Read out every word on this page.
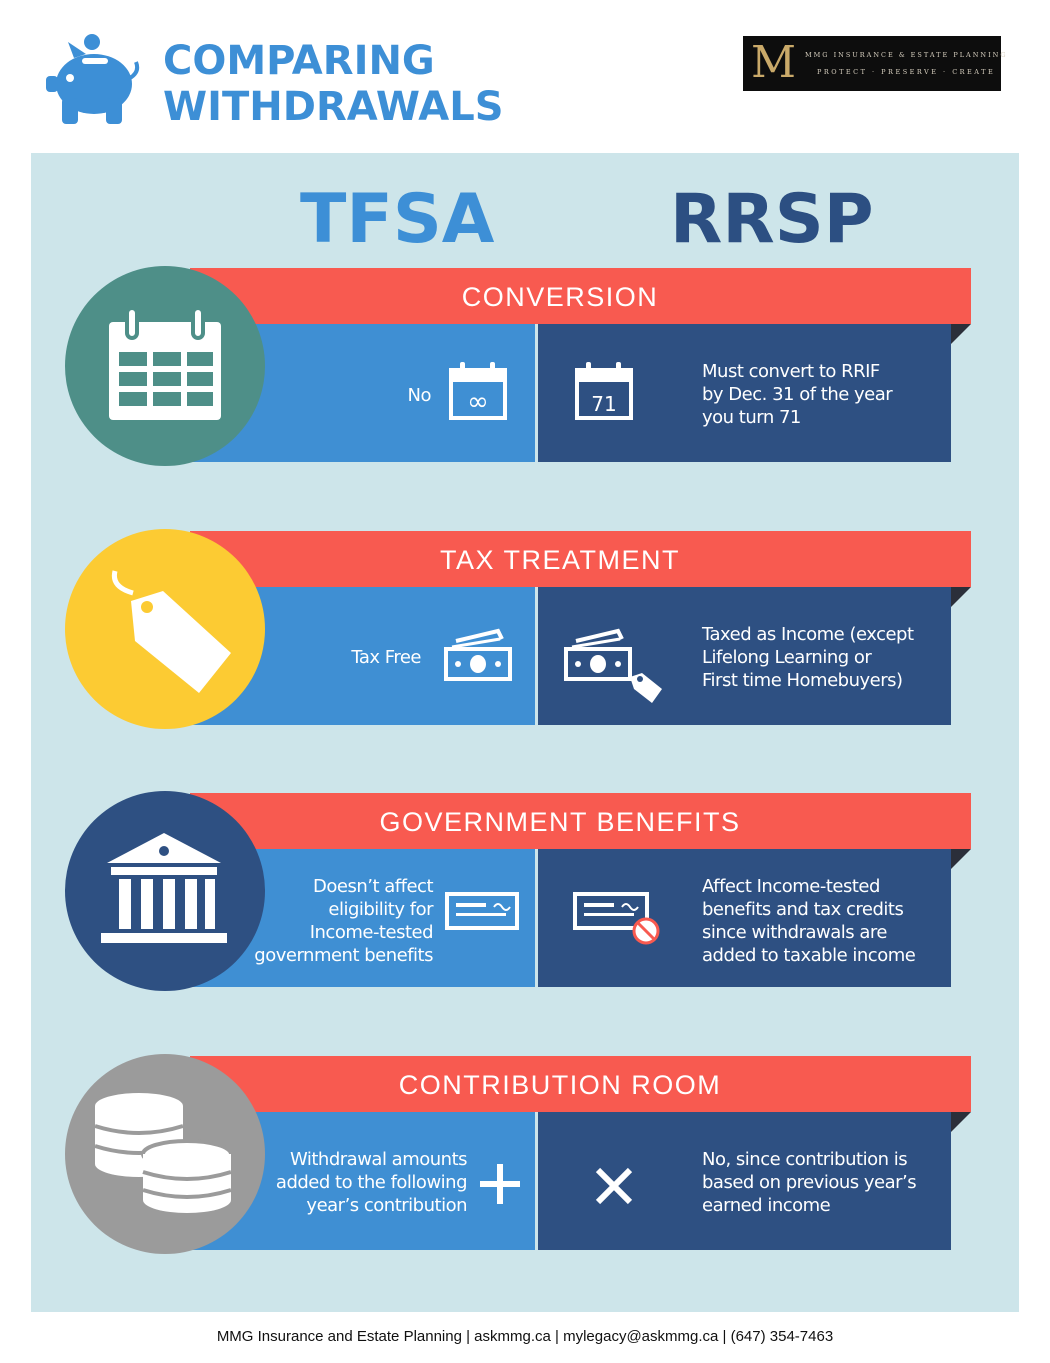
COMPARING
WITHDRAWALS
M MMG INSURANCE & ESTATE PLANNING
PROTECT · PRESERVE · CREATE
TFSA	RRSP
CONVERSION
No ∞	71
Must convert to RRIF
by Dec. 31 of the year
you turn 71
TAX TREATMENT
Tax Free
Taxed as Income (except
Lifelong Learning or
First time Homebuyers)
GOVERNMENT BENEFITS
Doesn’t affect
eligibility for
Income-tested
government benefits
Affect Income-tested
benefits and tax credits
since withdrawals are
added to taxable income
CONTRIBUTION ROOM
Withdrawal amounts
added to the following
year’s contribution
No, since contribution is
based on previous year’s
earned income
MMG Insurance and Estate Planning | askmmg.ca | mylegacy@askmmg.ca | (647) 354-7463
